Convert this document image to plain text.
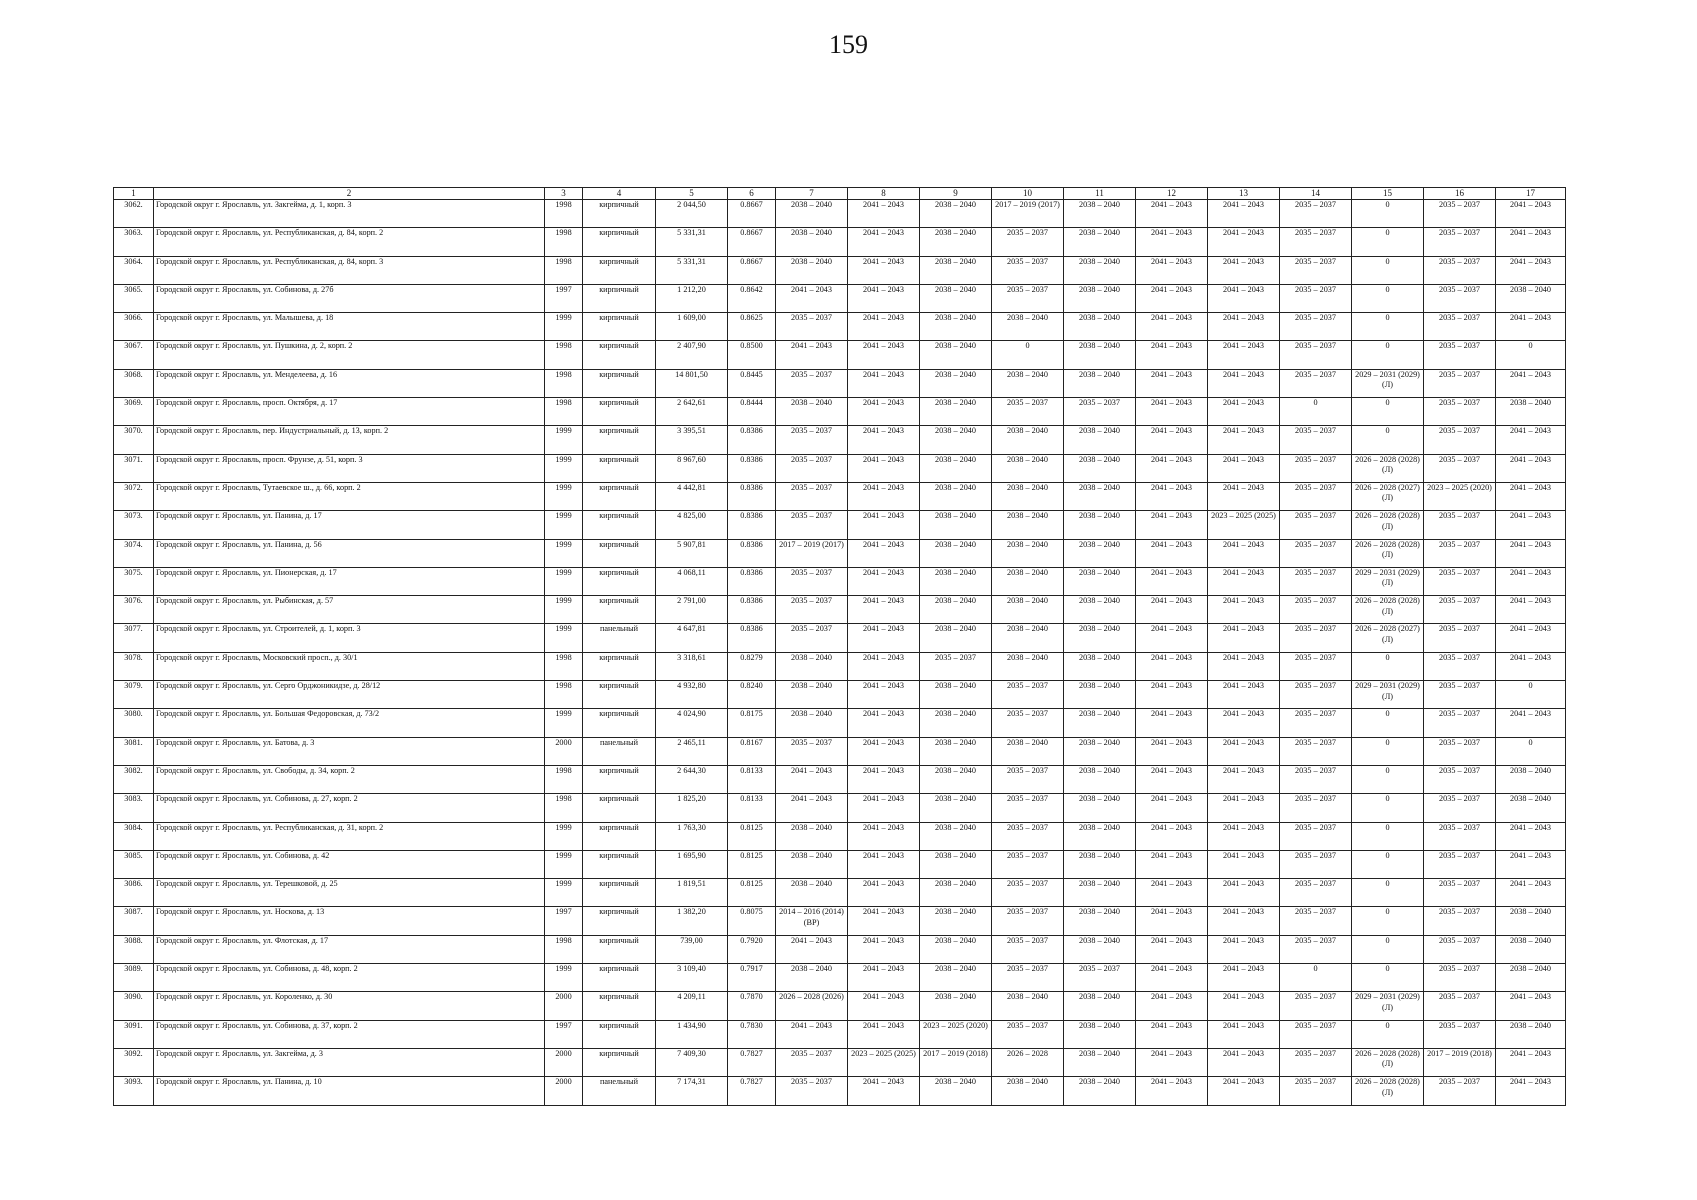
159
1	2	3	4	5	6	7	8	9	10	11	12	13	14	15	16	17
3062.	Городской округ г. Ярославль, ул. Закгейма, д. 1, корп. 3	1998	кирпичный	2 044,50	0.8667	2038 – 2040	2041 – 2043	2038 – 2040	2017 – 2019 (2017)	2038 – 2040	2041 – 2043	2041 – 2043	2035 – 2037	0	2035 – 2037	2041 – 2043
3063.	Городской округ г. Ярославль, ул. Республиканская, д. 84, корп. 2	1998	кирпичный	5 331,31	0.8667	2038 – 2040	2041 – 2043	2038 – 2040	2035 – 2037	2038 – 2040	2041 – 2043	2041 – 2043	2035 – 2037	0	2035 – 2037	2041 – 2043
3064.	Городской округ г. Ярославль, ул. Республиканская, д. 84, корп. 3	1998	кирпичный	5 331,31	0.8667	2038 – 2040	2041 – 2043	2038 – 2040	2035 – 2037	2038 – 2040	2041 – 2043	2041 – 2043	2035 – 2037	0	2035 – 2037	2041 – 2043
3065.	Городской округ г. Ярославль, ул. Собинова, д. 27б	1997	кирпичный	1 212,20	0.8642	2041 – 2043	2041 – 2043	2038 – 2040	2035 – 2037	2038 – 2040	2041 – 2043	2041 – 2043	2035 – 2037	0	2035 – 2037	2038 – 2040
3066.	Городской округ г. Ярославль, ул. Малышева, д. 18	1999	кирпичный	1 609,00	0.8625	2035 – 2037	2041 – 2043	2038 – 2040	2038 – 2040	2038 – 2040	2041 – 2043	2041 – 2043	2035 – 2037	0	2035 – 2037	2041 – 2043
3067.	Городской округ г. Ярославль, ул. Пушкина, д. 2, корп. 2	1998	кирпичный	2 407,90	0.8500	2041 – 2043	2041 – 2043	2038 – 2040	0	2038 – 2040	2041 – 2043	2041 – 2043	2035 – 2037	0	2035 – 2037	0
3068.	Городской округ г. Ярославль, ул. Менделеева, д. 16	1998	кирпичный	14 801,50	0.8445	2035 – 2037	2041 – 2043	2038 – 2040	2038 – 2040	2038 – 2040	2041 – 2043	2041 – 2043	2035 – 2037	2029 – 2031 (2029) (Л)	2035 – 2037	2041 – 2043
3069.	Городской округ г. Ярославль, просп. Октября, д. 17	1998	кирпичный	2 642,61	0.8444	2038 – 2040	2041 – 2043	2038 – 2040	2035 – 2037	2035 – 2037	2041 – 2043	2041 – 2043	0	0	2035 – 2037	2038 – 2040
3070.	Городской округ г. Ярославль, пер. Индустриальный, д. 13, корп. 2	1999	кирпичный	3 395,51	0.8386	2035 – 2037	2041 – 2043	2038 – 2040	2038 – 2040	2038 – 2040	2041 – 2043	2041 – 2043	2035 – 2037	0	2035 – 2037	2041 – 2043
3071.	Городской округ г. Ярославль, просп. Фрунзе, д. 51, корп. 3	1999	кирпичный	8 967,60	0.8386	2035 – 2037	2041 – 2043	2038 – 2040	2038 – 2040	2038 – 2040	2041 – 2043	2041 – 2043	2035 – 2037	2026 – 2028 (2028) (Л)	2035 – 2037	2041 – 2043
3072.	Городской округ г. Ярославль, Тутаевское ш., д. 66, корп. 2	1999	кирпичный	4 442,81	0.8386	2035 – 2037	2041 – 2043	2038 – 2040	2038 – 2040	2038 – 2040	2041 – 2043	2041 – 2043	2035 – 2037	2026 – 2028 (2027) (Л)	2023 – 2025 (2020)	2041 – 2043
3073.	Городской округ г. Ярославль, ул. Панина, д. 17	1999	кирпичный	4 825,00	0.8386	2035 – 2037	2041 – 2043	2038 – 2040	2038 – 2040	2038 – 2040	2041 – 2043	2023 – 2025 (2025)	2035 – 2037	2026 – 2028 (2028) (Л)	2035 – 2037	2041 – 2043
3074.	Городской округ г. Ярославль, ул. Панина, д. 56	1999	кирпичный	5 907,81	0.8386	2017 – 2019 (2017)	2041 – 2043	2038 – 2040	2038 – 2040	2038 – 2040	2041 – 2043	2041 – 2043	2035 – 2037	2026 – 2028 (2028) (Л)	2035 – 2037	2041 – 2043
3075.	Городской округ г. Ярославль, ул. Пионерская, д. 17	1999	кирпичный	4 068,11	0.8386	2035 – 2037	2041 – 2043	2038 – 2040	2038 – 2040	2038 – 2040	2041 – 2043	2041 – 2043	2035 – 2037	2029 – 2031 (2029) (Л)	2035 – 2037	2041 – 2043
3076.	Городской округ г. Ярославль, ул. Рыбинская, д. 57	1999	кирпичный	2 791,00	0.8386	2035 – 2037	2041 – 2043	2038 – 2040	2038 – 2040	2038 – 2040	2041 – 2043	2041 – 2043	2035 – 2037	2026 – 2028 (2028) (Л)	2035 – 2037	2041 – 2043
3077.	Городской округ г. Ярославль, ул. Строителей, д. 1, корп. 3	1999	панельный	4 647,81	0.8386	2035 – 2037	2041 – 2043	2038 – 2040	2038 – 2040	2038 – 2040	2041 – 2043	2041 – 2043	2035 – 2037	2026 – 2028 (2027) (Л)	2035 – 2037	2041 – 2043
3078.	Городской округ г. Ярославль, Московский просп., д. 30/1	1998	кирпичный	3 318,61	0.8279	2038 – 2040	2041 – 2043	2035 – 2037	2038 – 2040	2038 – 2040	2041 – 2043	2041 – 2043	2035 – 2037	0	2035 – 2037	2041 – 2043
3079.	Городской округ г. Ярославль, ул. Серго Орджоникидзе, д. 28/12	1998	кирпичный	4 932,80	0.8240	2038 – 2040	2041 – 2043	2038 – 2040	2035 – 2037	2038 – 2040	2041 – 2043	2041 – 2043	2035 – 2037	2029 – 2031 (2029) (Л)	2035 – 2037	0
3080.	Городской округ г. Ярославль, ул. Большая Федоровская, д. 73/2	1999	кирпичный	4 024,90	0.8175	2038 – 2040	2041 – 2043	2038 – 2040	2035 – 2037	2038 – 2040	2041 – 2043	2041 – 2043	2035 – 2037	0	2035 – 2037	2041 – 2043
3081.	Городской округ г. Ярославль, ул. Батова, д. 3	2000	панельный	2 465,11	0.8167	2035 – 2037	2041 – 2043	2038 – 2040	2038 – 2040	2038 – 2040	2041 – 2043	2041 – 2043	2035 – 2037	0	2035 – 2037	0
3082.	Городской округ г. Ярославль, ул. Свободы, д. 34, корп. 2	1998	кирпичный	2 644,30	0.8133	2041 – 2043	2041 – 2043	2038 – 2040	2035 – 2037	2038 – 2040	2041 – 2043	2041 – 2043	2035 – 2037	0	2035 – 2037	2038 – 2040
3083.	Городской округ г. Ярославль, ул. Собинова, д. 27, корп. 2	1998	кирпичный	1 825,20	0.8133	2041 – 2043	2041 – 2043	2038 – 2040	2035 – 2037	2038 – 2040	2041 – 2043	2041 – 2043	2035 – 2037	0	2035 – 2037	2038 – 2040
3084.	Городской округ г. Ярославль, ул. Республиканская, д. 31, корп. 2	1999	кирпичный	1 763,30	0.8125	2038 – 2040	2041 – 2043	2038 – 2040	2035 – 2037	2038 – 2040	2041 – 2043	2041 – 2043	2035 – 2037	0	2035 – 2037	2041 – 2043
3085.	Городской округ г. Ярославль, ул. Собинова, д. 42	1999	кирпичный	1 695,90	0.8125	2038 – 2040	2041 – 2043	2038 – 2040	2035 – 2037	2038 – 2040	2041 – 2043	2041 – 2043	2035 – 2037	0	2035 – 2037	2041 – 2043
3086.	Городской округ г. Ярославль, ул. Терешковой, д. 25	1999	кирпичный	1 819,51	0.8125	2038 – 2040	2041 – 2043	2038 – 2040	2035 – 2037	2038 – 2040	2041 – 2043	2041 – 2043	2035 – 2037	0	2035 – 2037	2041 – 2043
3087.	Городской округ г. Ярославль, ул. Носкова, д. 13	1997	кирпичный	1 382,20	0.8075	2014 – 2016 (2014) (ВР)	2041 – 2043	2038 – 2040	2035 – 2037	2038 – 2040	2041 – 2043	2041 – 2043	2035 – 2037	0	2035 – 2037	2038 – 2040
3088.	Городской округ г. Ярославль, ул. Флотская, д. 17	1998	кирпичный	739,00	0.7920	2041 – 2043	2041 – 2043	2038 – 2040	2035 – 2037	2038 – 2040	2041 – 2043	2041 – 2043	2035 – 2037	0	2035 – 2037	2038 – 2040
3089.	Городской округ г. Ярославль, ул. Собинова, д. 48, корп. 2	1999	кирпичный	3 109,40	0.7917	2038 – 2040	2041 – 2043	2038 – 2040	2035 – 2037	2035 – 2037	2041 – 2043	2041 – 2043	0	0	2035 – 2037	2038 – 2040
3090.	Городской округ г. Ярославль, ул. Короленко, д. 30	2000	кирпичный	4 209,11	0.7870	2026 – 2028 (2026)	2041 – 2043	2038 – 2040	2038 – 2040	2038 – 2040	2041 – 2043	2041 – 2043	2035 – 2037	2029 – 2031 (2029) (Л)	2035 – 2037	2041 – 2043
3091.	Городской округ г. Ярославль, ул. Собинова, д. 37, корп. 2	1997	кирпичный	1 434,90	0.7830	2041 – 2043	2041 – 2043	2023 – 2025 (2020)	2035 – 2037	2038 – 2040	2041 – 2043	2041 – 2043	2035 – 2037	0	2035 – 2037	2038 – 2040
3092.	Городской округ г. Ярославль, ул. Закгейма, д. 3	2000	кирпичный	7 409,30	0.7827	2035 – 2037	2023 – 2025 (2025)	2017 – 2019 (2018)	2026 – 2028	2038 – 2040	2041 – 2043	2041 – 2043	2035 – 2037	2026 – 2028 (2028) (Л)	2017 – 2019 (2018)	2041 – 2043
3093.	Городской округ г. Ярославль, ул. Панина, д. 10	2000	панельный	7 174,31	0.7827	2035 – 2037	2041 – 2043	2038 – 2040	2038 – 2040	2038 – 2040	2041 – 2043	2041 – 2043	2035 – 2037	2026 – 2028 (2028) (Л)	2035 – 2037	2041 – 2043
